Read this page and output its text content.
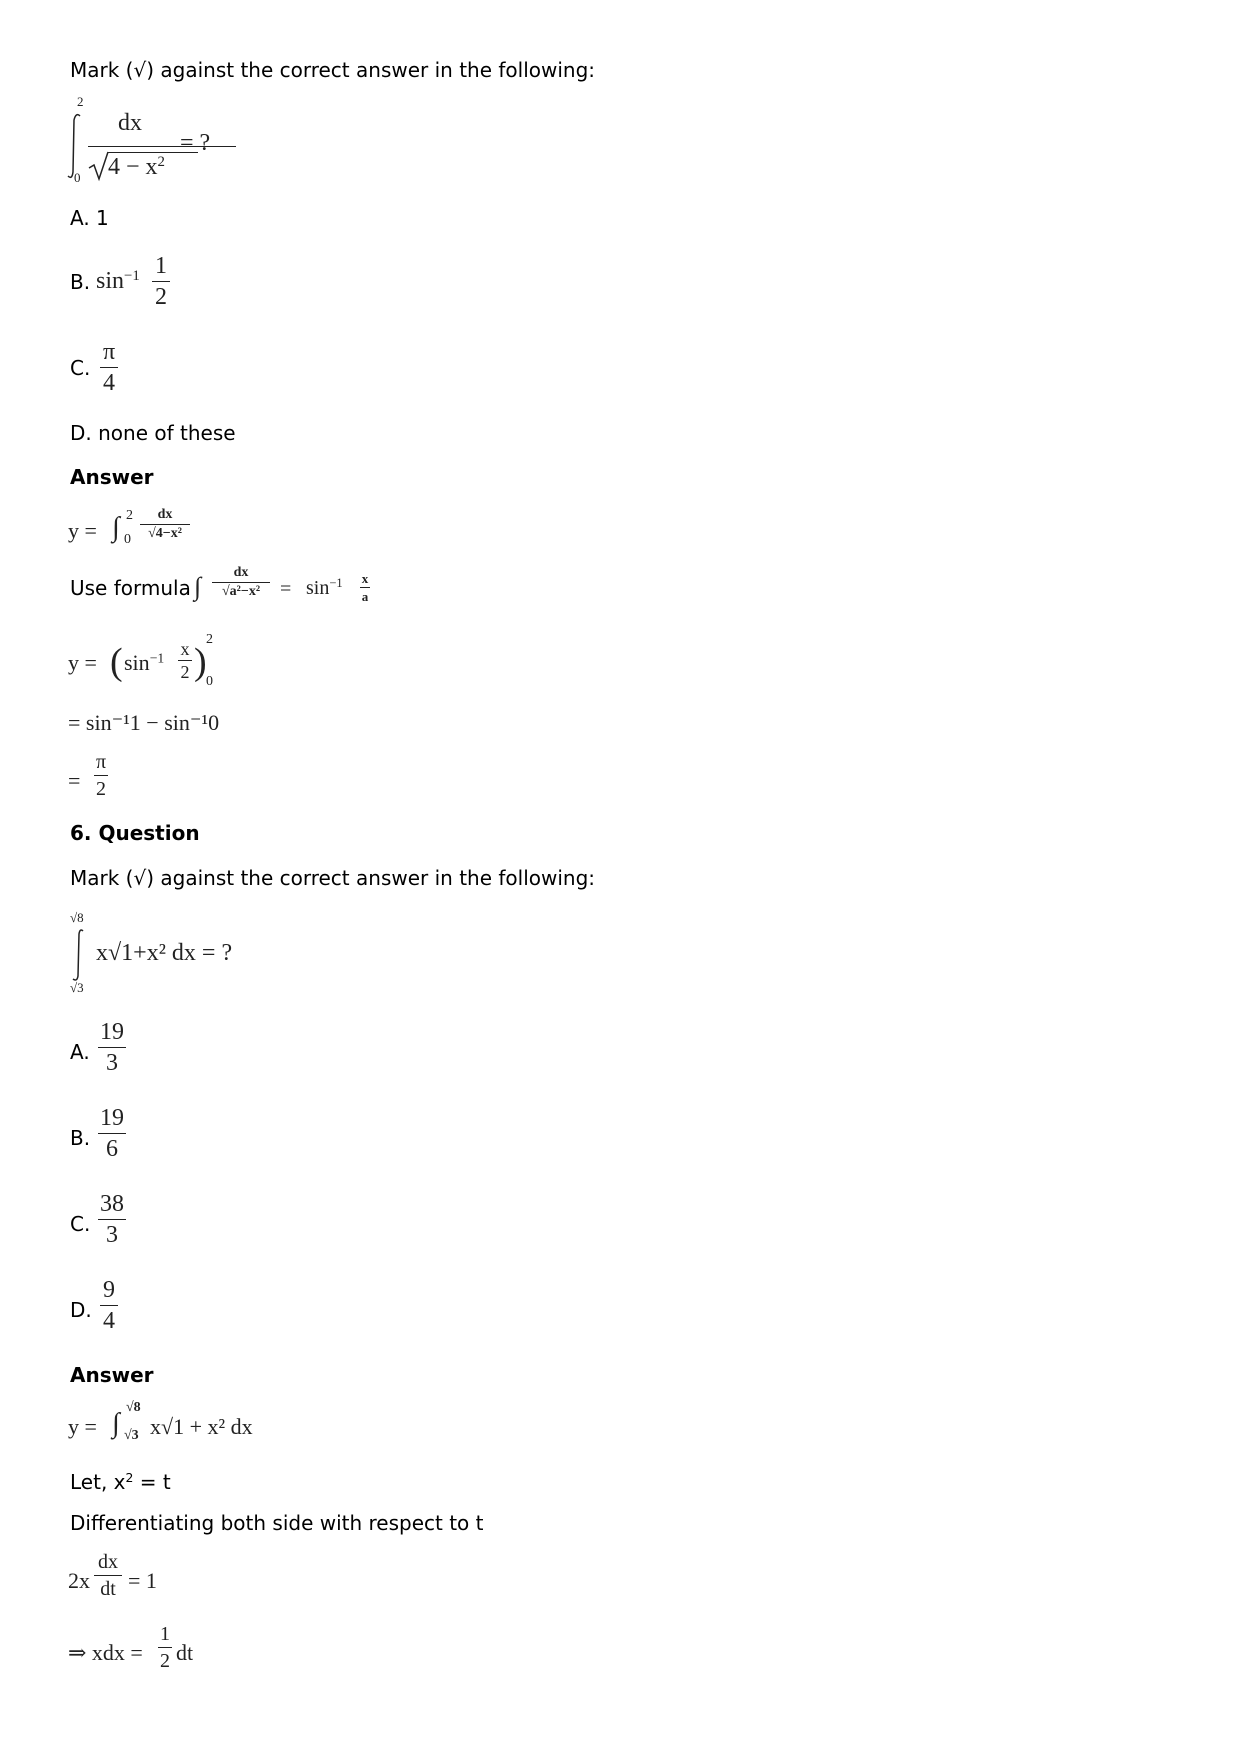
Mark (√) against the correct answer in the following:
2
0
dx
$4 - x^2$
= ?
A. 1
B. $\sin^{-1} 1$
2
C.
π
4
D. none of these
Answer
y = ∫ 2
0
dx
√4−x²
Use formula ∫	dx
$√a^2-x^2 = \sin^{-1} x$
a
y = ( $\sin^{-1} x$
2 )
2
0
= sin⁻¹1 − sin⁻¹0
=
π
2
6. Question
Mark (√) against the correct answer in the following:
√8
√3
x√1+x² dx = ?
A.
19
3
B.
19
6
C.
38
3
D.
9
4
Answer
y = ∫
√8
√3 x√1 + x² dx
Let, $x^2 = t$
Differentiating both side with respect to t
2x
dx
dt = 1
⇒ xdx =
1
2 dt
